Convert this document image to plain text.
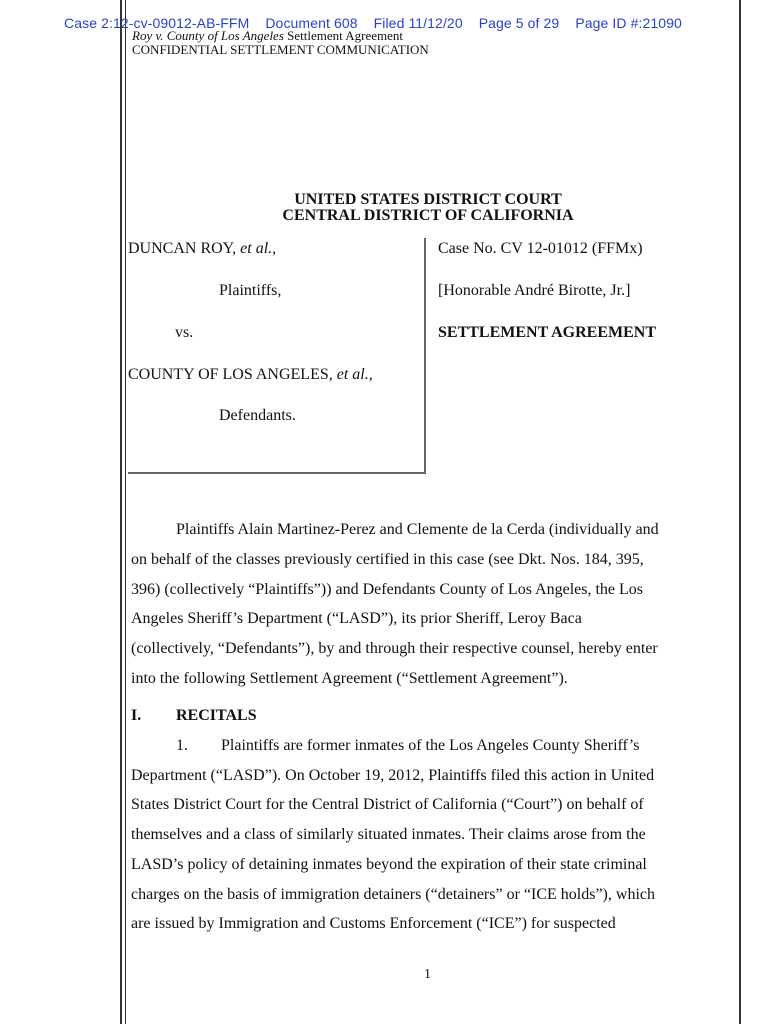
Case 2:12-cv-09012-AB-FFM Document 608 Filed 11/12/20 Page 5 of 29 Page ID #:21090
Roy v. County of Los Angeles Settlement Agreement
CONFIDENTIAL SETTLEMENT COMMUNICATION
UNITED STATES DISTRICT COURT
CENTRAL DISTRICT OF CALIFORNIA
DUNCAN ROY, et al.,
Plaintiffs,
vs.
COUNTY OF LOS ANGELES, et al.,
Defendants.
Case No. CV 12-01012 (FFMx)
[Honorable André Birotte, Jr.]
SETTLEMENT AGREEMENT
Plaintiffs Alain Martinez-Perez and Clemente de la Cerda (individually and
on behalf of the classes previously certified in this case (see Dkt. Nos. 184, 395,
396) (collectively “Plaintiffs”)) and Defendants County of Los Angeles, the Los
Angeles Sheriff’s Department (“LASD”), its prior Sheriff, Leroy Baca
(collectively, “Defendants”), by and through their respective counsel, hereby enter
into the following Settlement Agreement (“Settlement Agreement”).
I.	RECITALS
1.	Plaintiffs are former inmates of the Los Angeles County Sheriff’s
Department (“LASD”). On October 19, 2012, Plaintiffs filed this action in United
States District Court for the Central District of California (“Court”) on behalf of
themselves and a class of similarly situated inmates. Their claims arose from the
LASD’s policy of detaining inmates beyond the expiration of their state criminal
charges on the basis of immigration detainers (“detainers” or “ICE holds”), which
are issued by Immigration and Customs Enforcement (“ICE”) for suspected
1
